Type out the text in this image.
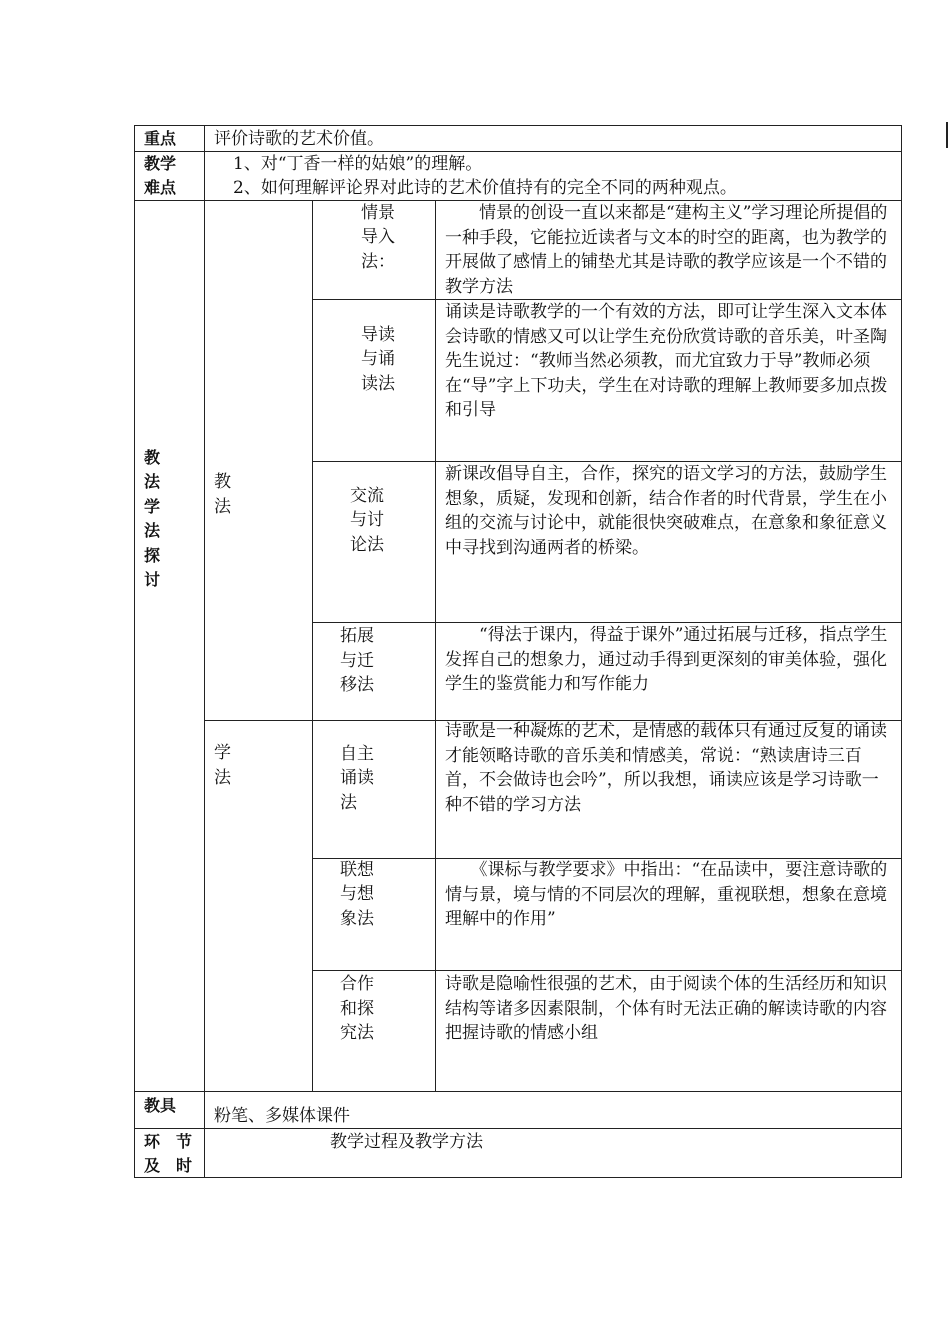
重点 评价诗歌的艺术价值。
教学
难点
1、对“丁香一样的姑娘”的理解。
2、如何理解评论界对此诗的艺术价值持有的完全不同的两种观点。
教
法
学
法
探
讨
教
法
情景
导入
法：
　　情景的创设一直以来都是“建构主义”学习理论所提倡的一种手段，它能拉近读者与文本的时空的距离，也为教学的开展做了感情上的铺垫尤其是诗歌的教学应该是一个不错的教学方法
导读
与诵
读法
诵读是诗歌教学的一个有效的方法，即可让学生深入文本体会诗歌的情感又可以让学生充份欣赏诗歌的音乐美，叶圣陶先生说过：“教师当然必须教，而尤宜致力于导”教师必须在“导”字上下功夫，学生在对诗歌的理解上教师要多加点拨和引导
交流
与讨
论法
新课改倡导自主，合作，探究的语文学习的方法，鼓励学生想象，质疑，发现和创新，结合作者的时代背景，学生在小组的交流与讨论中，就能很快突破难点，在意象和象征意义中寻找到沟通两者的桥梁。
拓展
与迁
移法
　　“得法于课内，得益于课外”通过拓展与迁移，指点学生发挥自己的想象力，通过动手得到更深刻的审美体验，强化学生的鉴赏能力和写作能力
学
法
自主
诵读
法
诗歌是一种凝炼的艺术，是情感的载体只有通过反复的诵读才能领略诗歌的音乐美和情感美，常说：“熟读唐诗三百首，不会做诗也会吟”，所以我想，诵读应该是学习诗歌一种不错的学习方法
联想
与想
象法
　　《课标与教学要求》中指出：“在品读中，要注意诗歌的情与景，境与情的不同层次的理解，重视联想，想象在意境理解中的作用”
合作
和探
究法
诗歌是隐喻性很强的艺术，由于阅读个体的生活经历和知识结构等诸多因素限制，个体有时无法正确的解读诗歌的内容把握诗歌的情感小组
教具
粉笔、多媒体课件
环　节
及　时
教学过程及教学方法
